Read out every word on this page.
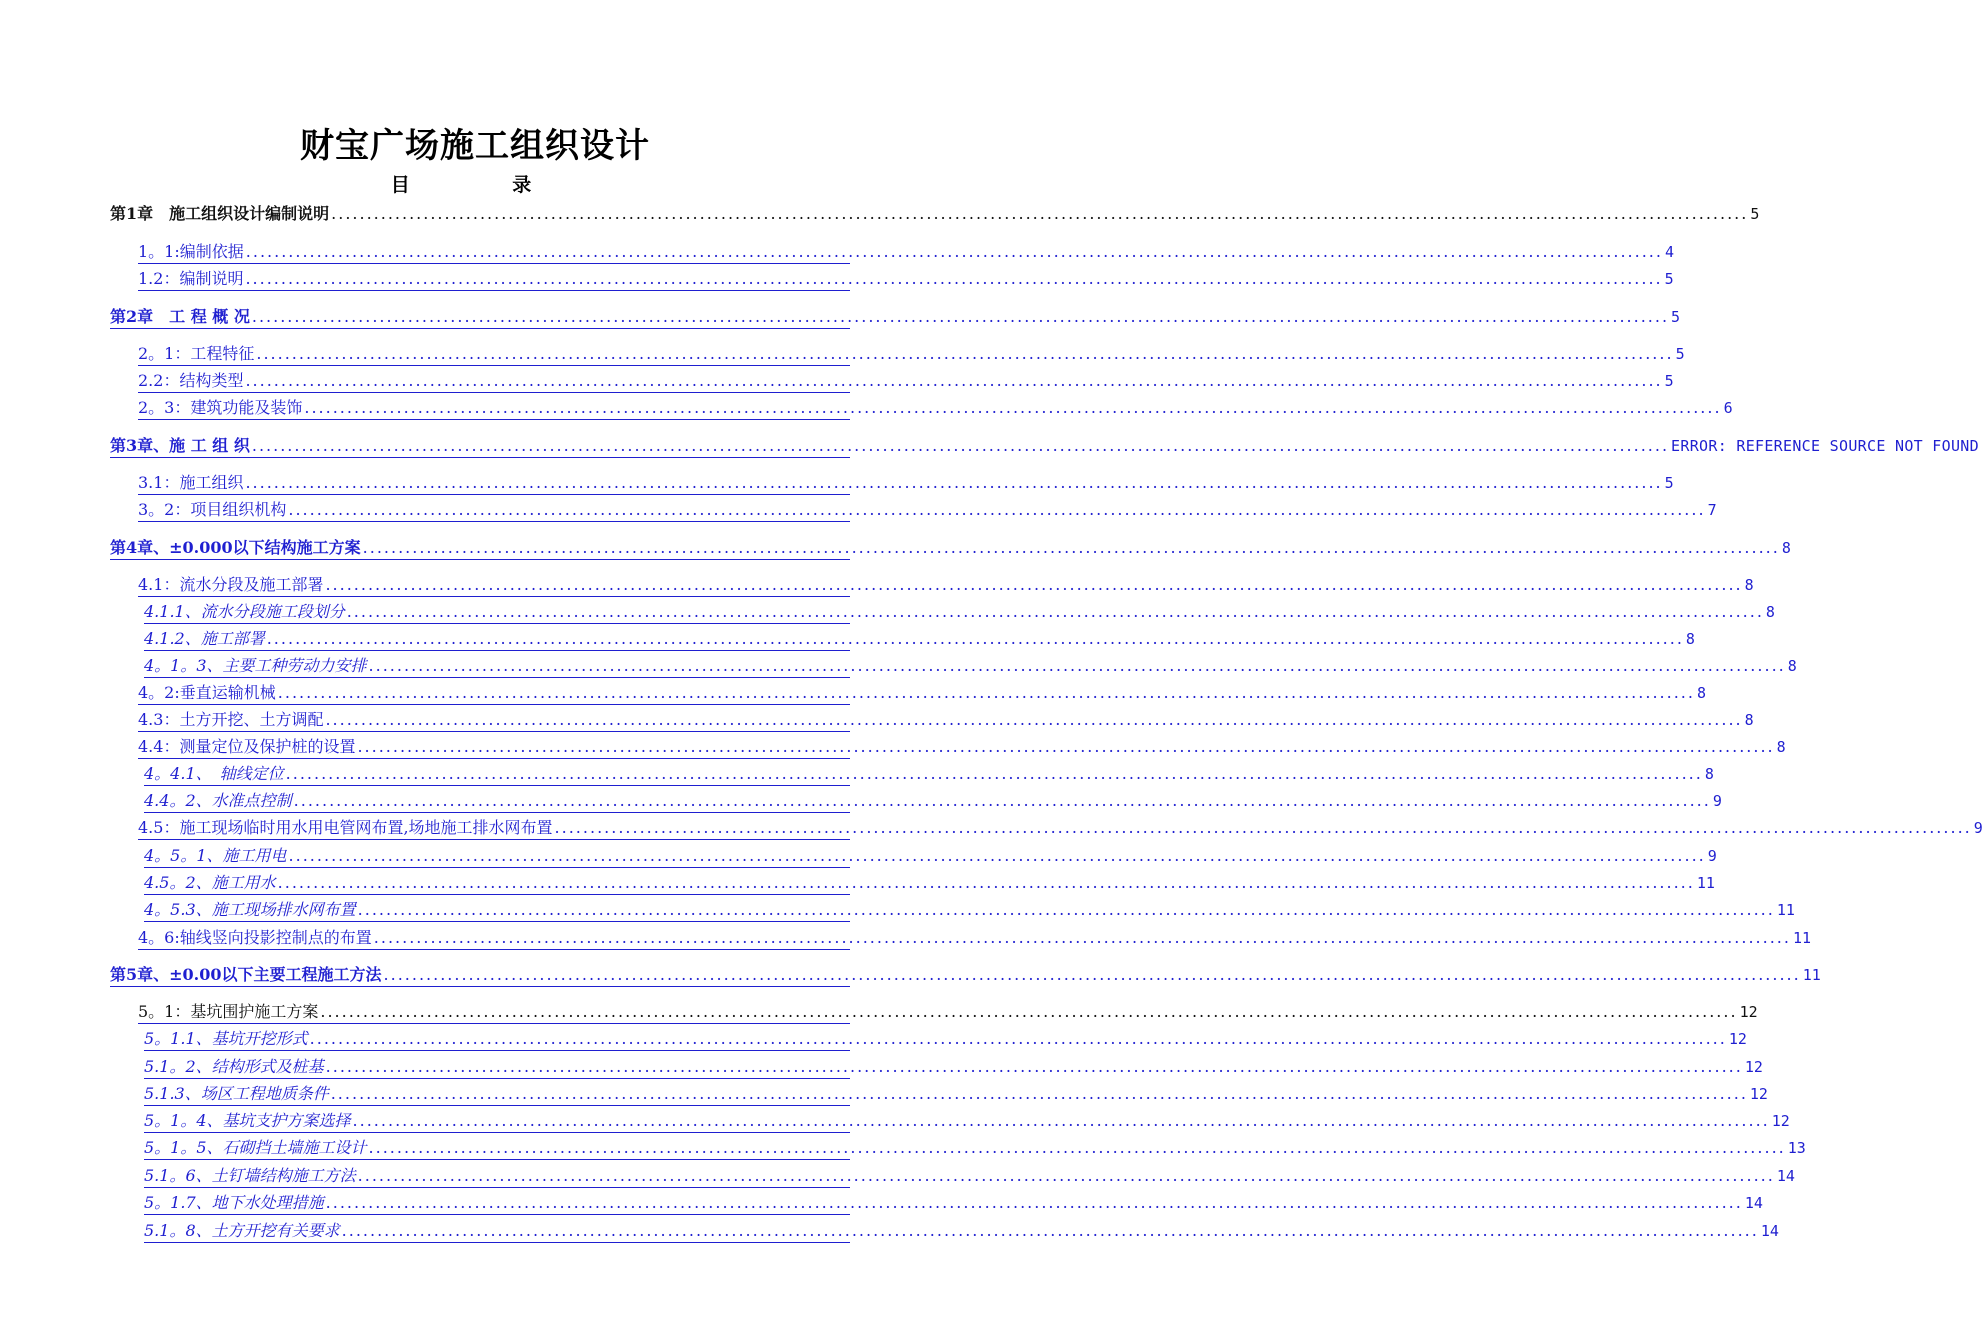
财宝广场施工组织设计
目 录
第1章　施工组织设计编制说明 ........................................................................................................................................................................................................ 5
1。1:编制依据 ........................................................................................................................................................................................................ 4
1.2：编制说明 ........................................................................................................................................................................................................ 5
第2章　工 程 概 况 ........................................................................................................................................................................................................ 5
2。1：工程特征 ........................................................................................................................................................................................................ 5
2.2：结构类型 ........................................................................................................................................................................................................ 5
2。3：建筑功能及装饰 ........................................................................................................................................................................................................ 6
第3章、施 工 组 织 ........................................................................................................................................................................................................ ERROR: REFERENCE SOURCE NOT FOUND
3.1：施工组织 ........................................................................................................................................................................................................ 5
3。2：项目组织机构 ........................................................................................................................................................................................................ 7
第4章、±0.000以下结构施工方案 ........................................................................................................................................................................................................ 8
4.1：流水分段及施工部署 ........................................................................................................................................................................................................ 8
4.1.1、流水分段施工段划分 ........................................................................................................................................................................................................ 8
4.1.2、施工部署 ........................................................................................................................................................................................................ 8
4。1。3、主要工种劳动力安排 ........................................................................................................................................................................................................ 8
4。2:垂直运输机械 ........................................................................................................................................................................................................ 8
4.3：土方开挖、土方调配 ........................................................................................................................................................................................................ 8
4.4：测量定位及保护桩的设置 ........................................................................................................................................................................................................ 8
4。4.1、　轴线定位 ........................................................................................................................................................................................................ 8
4.4。2、水准点控制 ........................................................................................................................................................................................................ 9
4.5：施工现场临时用水用电管网布置,场地施工排水网布置 ........................................................................................................................................................................................................ 9
4。5。1、施工用电 ........................................................................................................................................................................................................ 9
4.5。2、施工用水 ........................................................................................................................................................................................................ 11
4。5.3、施工现场排水网布置 ........................................................................................................................................................................................................ 11
4。6:轴线竖向投影控制点的布置 ........................................................................................................................................................................................................ 11
第5章、±0.00以下主要工程施工方法 ........................................................................................................................................................................................................ 11
5。1：基坑围护施工方案 ........................................................................................................................................................................................................ 12
5。1.1、基坑开挖形式 ........................................................................................................................................................................................................ 12
5.1。2、结构形式及桩基 ........................................................................................................................................................................................................ 12
5.1.3、场区工程地质条件 ........................................................................................................................................................................................................ 12
5。1。4、基坑支护方案选择 ........................................................................................................................................................................................................ 12
5。1。5、石砌挡土墙施工设计 ........................................................................................................................................................................................................ 13
5.1。6、土钉墙结构施工方法 ........................................................................................................................................................................................................ 14
5。1.7、地下水处理措施 ........................................................................................................................................................................................................ 14
5.1。8、土方开挖有关要求 ........................................................................................................................................................................................................ 14
